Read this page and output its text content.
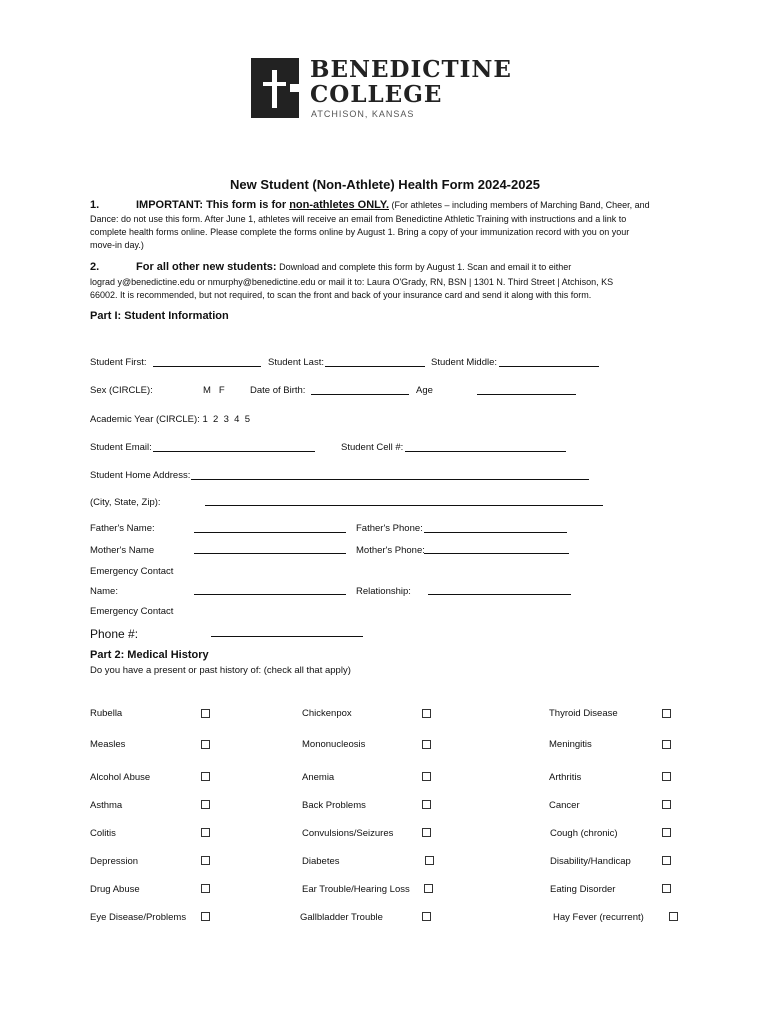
BENEDICTINE
COLLEGE
ATCHISON, KANSAS
New Student (Non-Athlete) Health Form 2024-2025
1.	IMPORTANT: This form is for non-athletes ONLY. (For athletes – including members of Marching Band, Cheer, and

Dance: do not use this form. After June 1, athletes will receive an email from Benedictine Athletic Training with instructions and a link to

complete health forms online. Please complete the forms online by August 1. Bring a copy of your immunization record with you on your

move-in day.)

2.	For all other new students: Download and complete this form by August 1. Scan and email it to either

lograd y@benedictine.edu or nmurphy@benedictine.edu or mail it to: Laura O'Grady, RN, BSN | 1301 N. Third Street | Atchison, KS

66002. It is recommended, but not required, to scan the front and back of your insurance card and send it along with this form.

Part I: Student Information
Student First:	Student Last:	Student Middle:
Sex (CIRCLE):	M   F	Date of Birth:	Age
Academic Year (CIRCLE): 1  2  3  4  5
Student Email:	Student Cell #:
Student Home Address:
(City, State, Zip):
Father's Name:	Father's Phone:
Mother's Name	Mother's Phone:
Emergency Contact
Name:	Relationship:
Emergency Contact
Phone #:
Part 2: Medical History
Do you have a present or past history of: (check all that apply)
Rubella	Chickenpox	Thyroid Disease
Measles	Mononucleosis	Meningitis
Alcohol Abuse	Anemia	Arthritis
Asthma	Back Problems	Cancer
Colitis	Convulsions/Seizures	Cough (chronic)
Depression	Diabetes	Disability/Handicap
Drug Abuse	Ear Trouble/Hearing Loss	Eating Disorder
Eye Disease/Problems	Gallbladder Trouble	Hay Fever (recurrent)
